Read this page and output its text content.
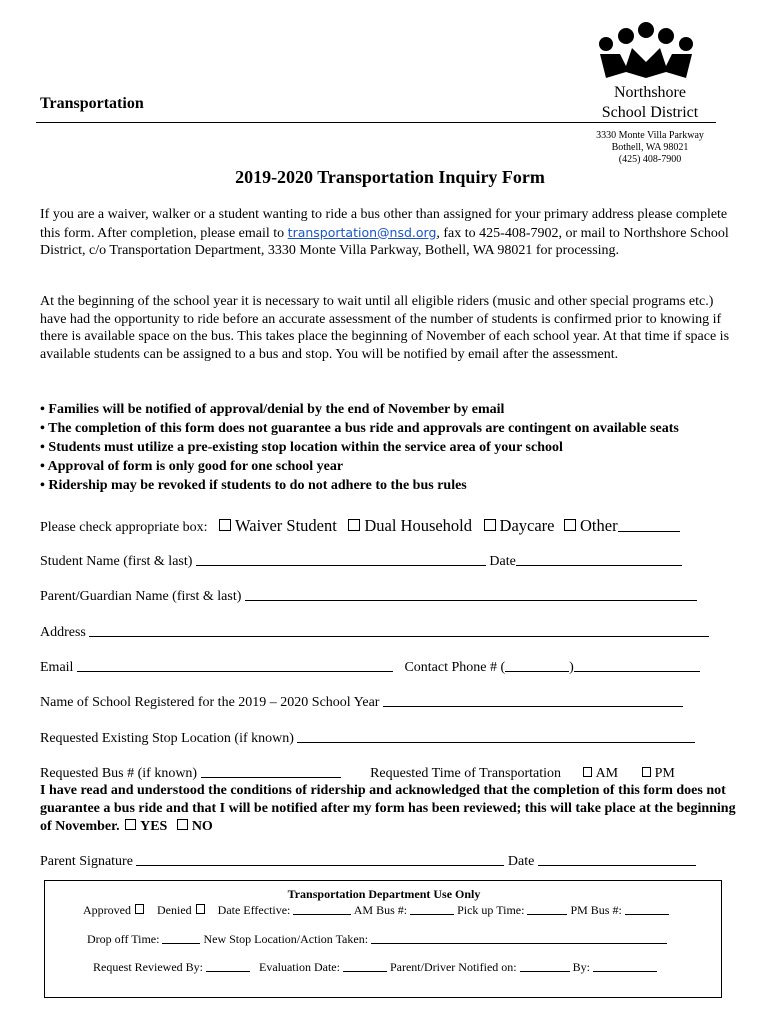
Transportation
Northshore
School District
3330 Monte Villa Parkway
Bothell, WA 98021
(425) 408-7900
2019-2020 Transportation Inquiry Form
If you are a waiver, walker or a student wanting to ride a bus other than assigned for your primary address please complete this form. After completion, please email to transportation@nsd.org, fax to 425-408-7902, or mail to Northshore School District, c/o Transportation Department, 3330 Monte Villa Parkway, Bothell, WA 98021 for processing.
At the beginning of the school year it is necessary to wait until all eligible riders (music and other special programs etc.) have had the opportunity to ride before an accurate assessment of the number of students is confirmed prior to knowing if there is available space on the bus. This takes place the beginning of November of each school year. At that time if space is available students can be assigned to a bus and stop. You will be notified by email after the assessment.
• Families will be notified of approval/denial by the end of November by email
• The completion of this form does not guarantee a bus ride and approvals are contingent on available seats
• Students must utilize a pre-existing stop location within the service area of your school
• Approval of form is only good for one school year
• Ridership may be revoked if students to do not adhere to the bus rules
Please check appropriate box: Waiver Student Dual Household Daycare Other
Student Name (first & last)	Date
Parent/Guardian Name (first & last)
Address
Email	Contact Phone # (	)
Name of School Registered for the 2019 – 2020 School Year
Requested Existing Stop Location (if known)
Requested Bus # (if known)	Requested Time of Transportation AM	PM
I have read and understood the conditions of ridership and acknowledged that the completion of this form does not guarantee a bus ride and that I will be notified after my form has been reviewed; this will take place at the beginning of November. YES NO
Parent Signature	Date
Transportation Department Use Only
Approved Denied Date Effective:	AM Bus #:	Pick up Time:	PM Bus #:
Drop off Time:	New Stop Location/Action Taken:
Request Reviewed By:	Evaluation Date:	Parent/Driver Notified on:	By:
